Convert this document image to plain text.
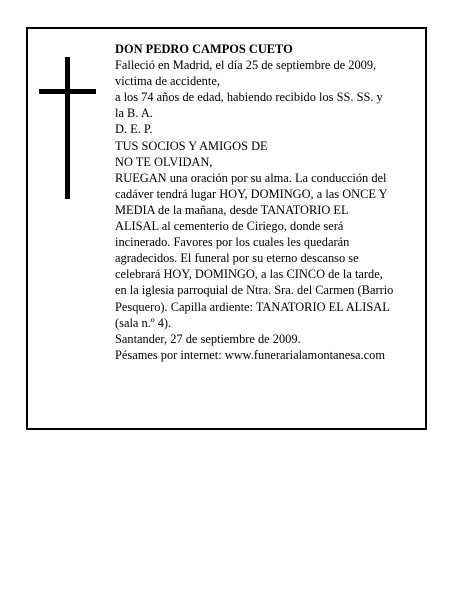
DON PEDRO CAMPOS CUETO
Falleció en Madrid, el día 25 de septiembre de 2009,
víctima de accidente,
a los 74 años de edad, habiendo recibido los SS. SS. y
la B. A.
D. E. P.
TUS SOCIOS Y AMIGOS DE
NO TE OLVIDAN,
RUEGAN una oración por su alma. La conducción del
cadáver tendrá lugar HOY, DOMINGO, a las ONCE Y
MEDIA de la mañana, desde TANATORIO EL
ALISAL al cementerio de Ciriego, donde será
incinerado. Favores por los cuales les quedarán
agradecidos. El funeral por su eterno descanso se
celebrará HOY, DOMINGO, a las CINCO de la tarde,
en la iglesia parroquial de Ntra. Sra. del Carmen (Barrio
Pesquero). Capilla ardiente: TANATORIO EL ALISAL
(sala n.º 4).
Santander, 27 de septiembre de 2009.
Pésames por internet: www.funerarialamontanesa.com
